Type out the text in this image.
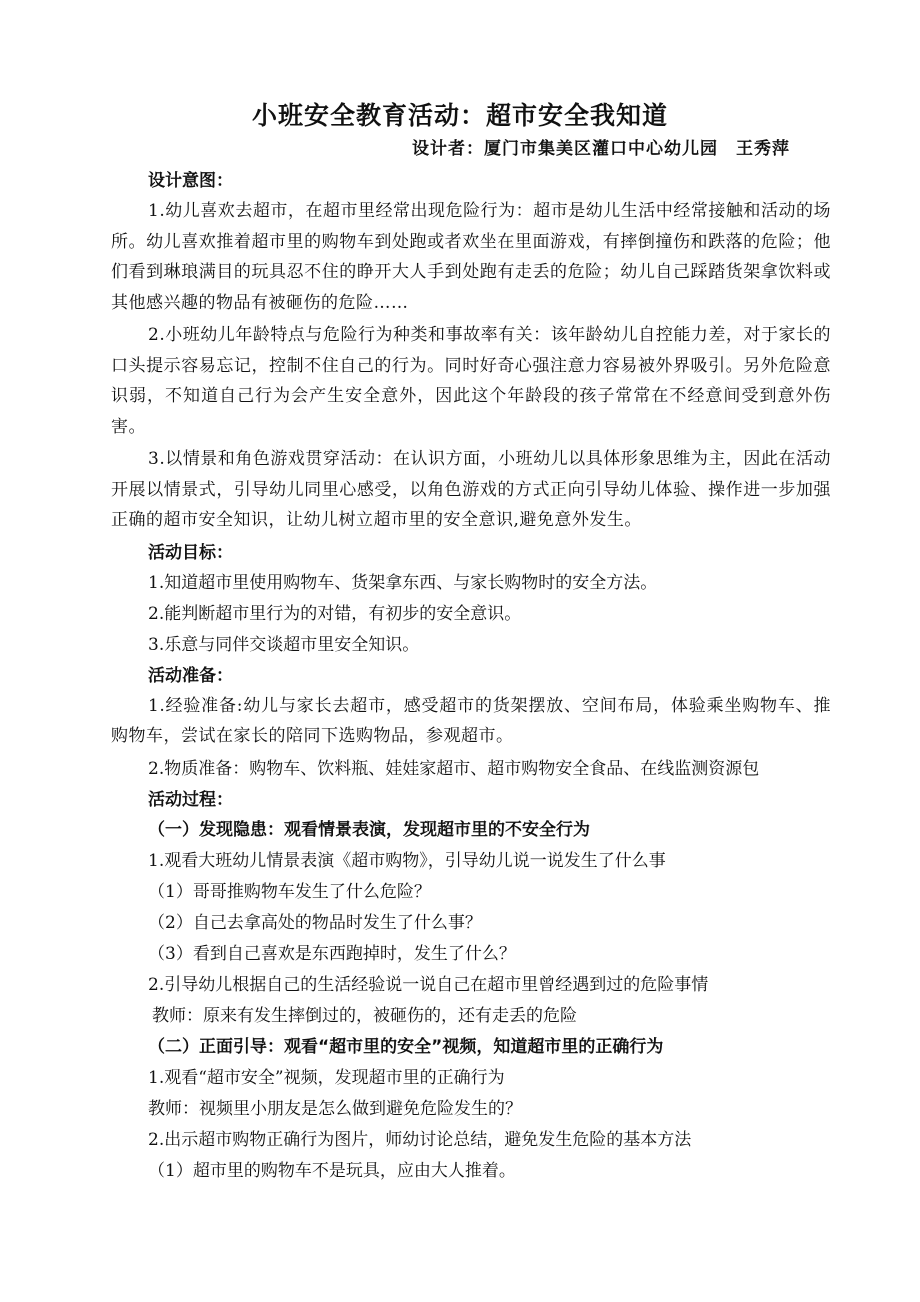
小班安全教育活动：超市安全我知道
设计者：厦门市集美区灌口中心幼儿园　王秀萍
设计意图：
1.幼儿喜欢去超市，在超市里经常出现危险行为：超市是幼儿生活中经常接触和活动的场所。幼儿喜欢推着超市里的购物车到处跑或者欢坐在里面游戏，有摔倒撞伤和跌落的危险；他们看到琳琅满目的玩具忍不住的睁开大人手到处跑有走丢的危险；幼儿自己踩踏货架拿饮料或其他感兴趣的物品有被砸伤的危险……
2.小班幼儿年龄特点与危险行为种类和事故率有关：该年龄幼儿自控能力差，对于家长的口头提示容易忘记，控制不住自己的行为。同时好奇心强注意力容易被外界吸引。另外危险意识弱，不知道自己行为会产生安全意外，因此这个年龄段的孩子常常在不经意间受到意外伤害。
3.以情景和角色游戏贯穿活动：在认识方面，小班幼儿以具体形象思维为主，因此在活动开展以情景式，引导幼儿同里心感受，以角色游戏的方式正向引导幼儿体验、操作进一步加强正确的超市安全知识，让幼儿树立超市里的安全意识,避免意外发生。
活动目标：
1.知道超市里使用购物车、货架拿东西、与家长购物时的安全方法。
2.能判断超市里行为的对错，有初步的安全意识。
3.乐意与同伴交谈超市里安全知识。
活动准备：
1.经验准备:幼儿与家长去超市，感受超市的货架摆放、空间布局，体验乘坐购物车、推购物车，尝试在家长的陪同下选购物品，参观超市。
2.物质准备：购物车、饮料瓶、娃娃家超市、超市购物安全食品、在线监测资源包
活动过程：
（一）发现隐患：观看情景表演，发现超市里的不安全行为
1.观看大班幼儿情景表演《超市购物》，引导幼儿说一说发生了什么事
（1）哥哥推购物车发生了什么危险？
（2）自己去拿高处的物品时发生了什么事？
（3）看到自己喜欢是东西跑掉时，发生了什么？
2.引导幼儿根据自己的生活经验说一说自己在超市里曾经遇到过的危险事情
教师：原来有发生摔倒过的，被砸伤的，还有走丢的危险
（二）正面引导：观看“超市里的安全”视频，知道超市里的正确行为
1.观看“超市安全”视频，发现超市里的正确行为
教师：视频里小朋友是怎么做到避免危险发生的？
2.出示超市购物正确行为图片，师幼讨论总结，避免发生危险的基本方法
（1）超市里的购物车不是玩具，应由大人推着。
